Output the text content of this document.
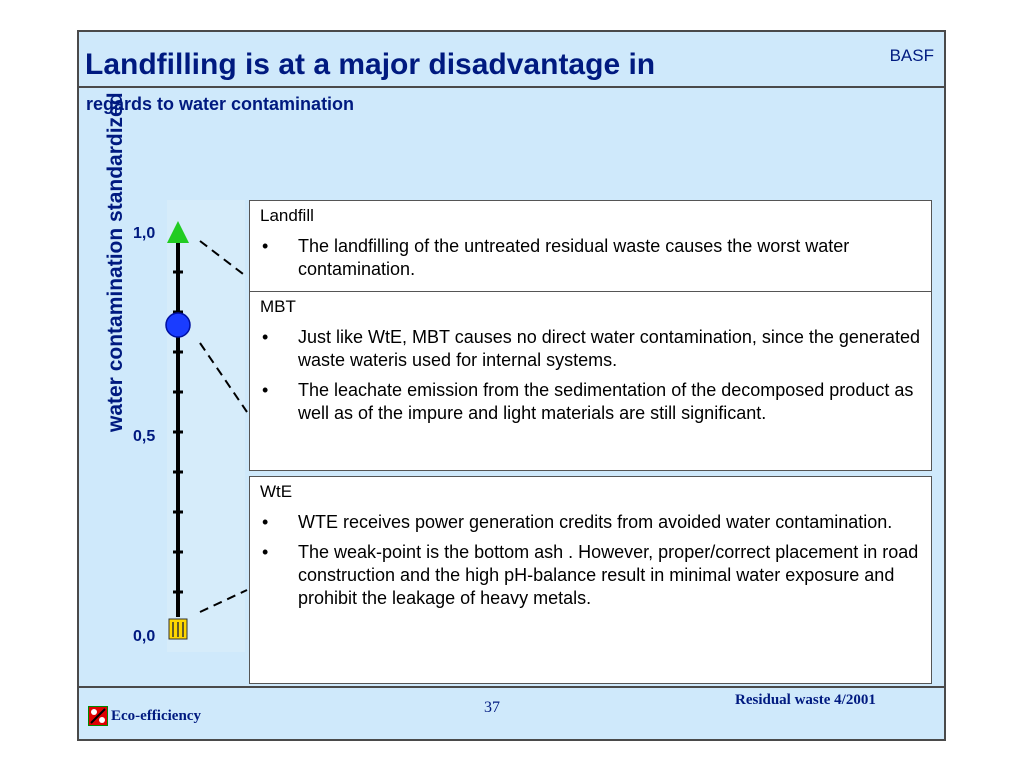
Landfilling is at a major disadvantage in	BASF
regards to water contamination
water contamination standardized 1,0
0,5
0,0
Landfill
• The landfilling of the untreated residual waste causes the worst water contamination.
MBT
• Just like WtE, MBT causes no direct water contamination, since the generated waste wateris used for internal systems.
• The leachate emission from the sedimentation of the decomposed product as well as of the impure and light materials are still significant.
WtE
• WTE receives power generation credits from avoided water contamination.
• The weak-point is the bottom ash . However, proper/correct placement in road construction and the high pH-balance result in minimal water exposure and prohibit the leakage of heavy metals.
Eco-efficiency	37	Residual waste 4/2001
